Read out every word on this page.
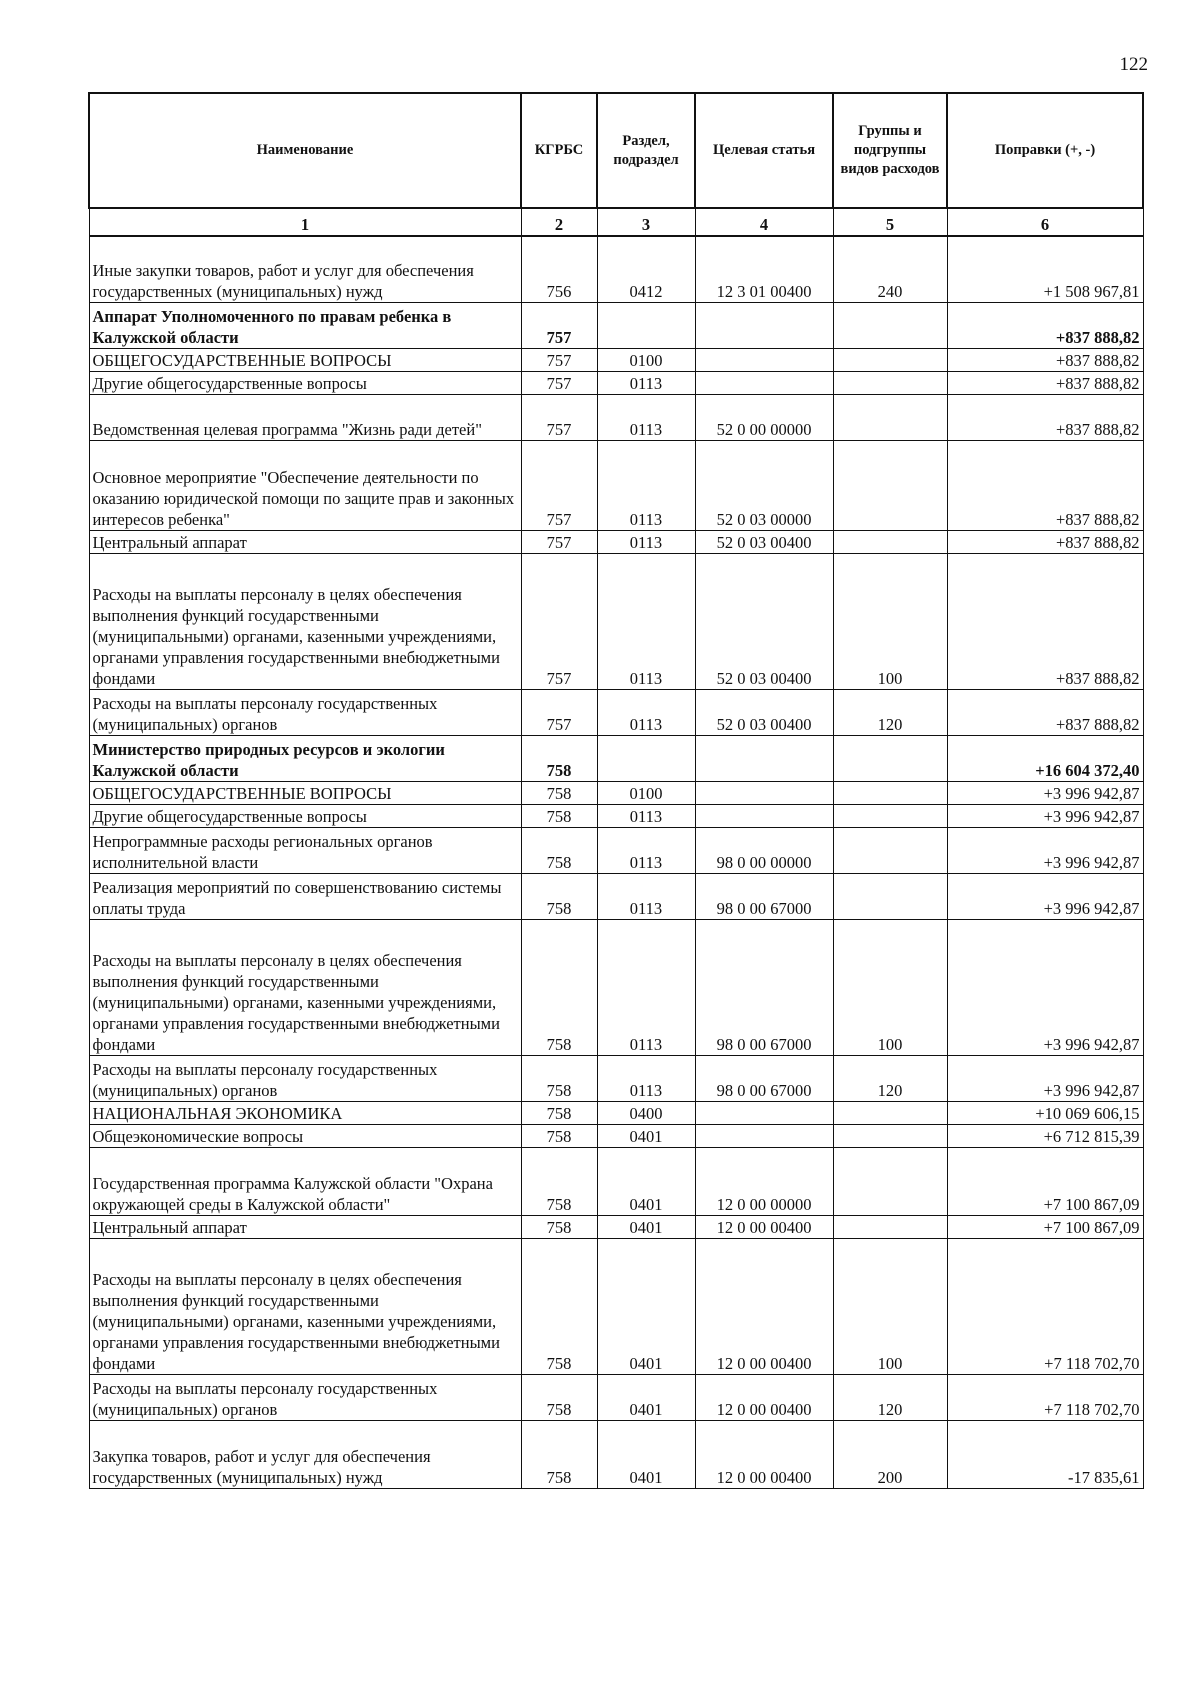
122
Наименование	КГРБС	Раздел, подраздел	Целевая статья	Группы и подгруппы видов расходов	Поправки (+, -)
1	2	3	4	5	6
Иные закупки товаров, работ и услуг для обеспечения государственных (муниципальных) нужд	756	0412	12 3 01 00400	240	+1 508 967,81
Аппарат Уполномоченного по правам ребенка в Калужской области	757				+837 888,82
ОБЩЕГОСУДАРСТВЕННЫЕ ВОПРОСЫ	757	0100			+837 888,82
Другие общегосударственные вопросы	757	0113			+837 888,82
Ведомственная целевая программа "Жизнь ради детей"	757	0113	52 0 00 00000		+837 888,82
Основное мероприятие "Обеспечение деятельности по оказанию юридической помощи по защите прав и законных интересов ребенка"	757	0113	52 0 03 00000		+837 888,82
Центральный аппарат	757	0113	52 0 03 00400		+837 888,82
Расходы на выплаты персоналу в целях обеспечения выполнения функций государственными (муниципальными) органами, казенными учреждениями, органами управления государственными внебюджетными фондами	757	0113	52 0 03 00400	100	+837 888,82
Расходы на выплаты персоналу государственных (муниципальных) органов	757	0113	52 0 03 00400	120	+837 888,82
Министерство природных ресурсов и экологии Калужской области	758				+16 604 372,40
ОБЩЕГОСУДАРСТВЕННЫЕ ВОПРОСЫ	758	0100			+3 996 942,87
Другие общегосударственные вопросы	758	0113			+3 996 942,87
Непрограммные расходы региональных органов исполнительной власти	758	0113	98 0 00 00000		+3 996 942,87
Реализация мероприятий по совершенствованию системы оплаты труда	758	0113	98 0 00 67000		+3 996 942,87
Расходы на выплаты персоналу в целях обеспечения выполнения функций государственными (муниципальными) органами, казенными учреждениями, органами управления государственными внебюджетными фондами	758	0113	98 0 00 67000	100	+3 996 942,87
Расходы на выплаты персоналу государственных (муниципальных) органов	758	0113	98 0 00 67000	120	+3 996 942,87
НАЦИОНАЛЬНАЯ ЭКОНОМИКА	758	0400			+10 069 606,15
Общеэкономические вопросы	758	0401			+6 712 815,39
Государственная программа Калужской области "Охрана окружающей среды в Калужской области"	758	0401	12 0 00 00000		+7 100 867,09
Центральный аппарат	758	0401	12 0 00 00400		+7 100 867,09
Расходы на выплаты персоналу в целях обеспечения выполнения функций государственными (муниципальными) органами, казенными учреждениями, органами управления государственными внебюджетными фондами	758	0401	12 0 00 00400	100	+7 118 702,70
Расходы на выплаты персоналу государственных (муниципальных) органов	758	0401	12 0 00 00400	120	+7 118 702,70
Закупка товаров, работ и услуг для обеспечения государственных (муниципальных) нужд	758	0401	12 0 00 00400	200	-17 835,61
